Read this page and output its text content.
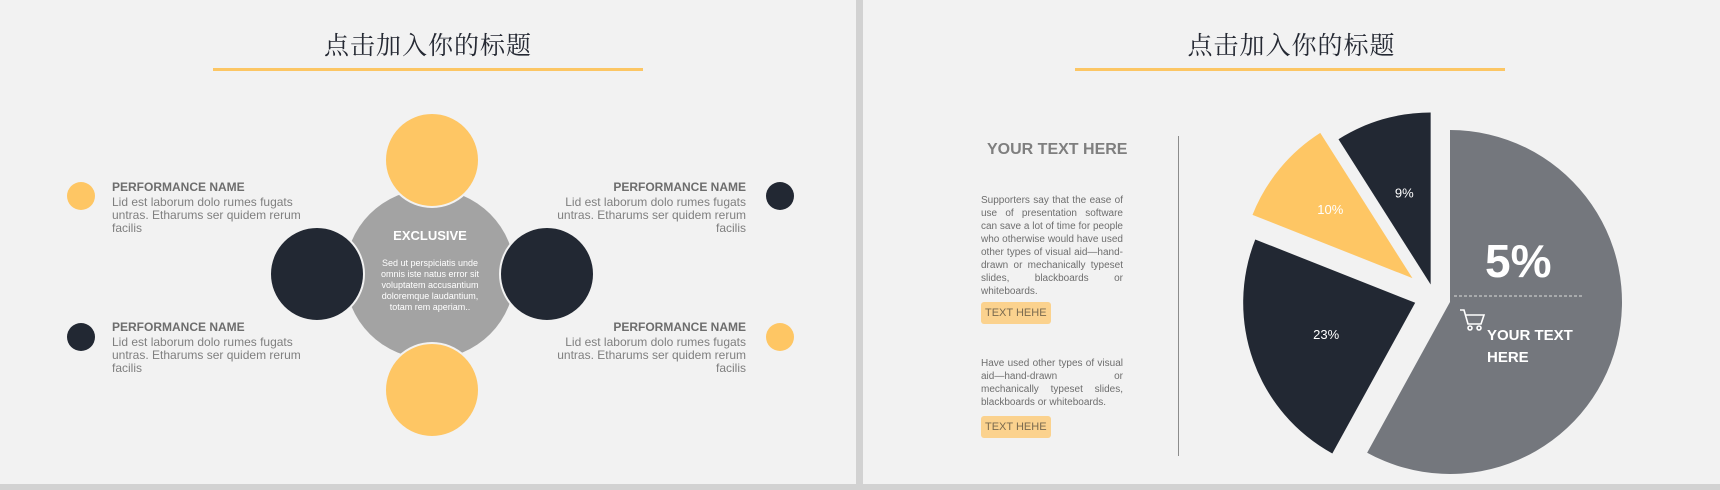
点击加入你的标题
EXCLUSIVE
Sed ut perspiciatis unde
omnis iste natus error sit
voluptatem accusantium
doloremque laudantium,
totam rem aperiam..
PERFORMANCE NAME
Lid est laborum dolo rumes fugats
untras. Etharums ser quidem rerum
facilis
PERFORMANCE NAME
Lid est laborum dolo rumes fugats
untras. Etharums ser quidem rerum
facilis
PERFORMANCE NAME
Lid est laborum dolo rumes fugats
untras. Etharums ser quidem rerum
facilis
PERFORMANCE NAME
Lid est laborum dolo rumes fugats
untras. Etharums ser quidem rerum
facilis
点击加入你的标题
YOUR TEXT HERE
Supporters say that the ease of use of presentation software can save a lot of time for people who otherwise would have used other types of visual aid—hand-drawn or mechanically typeset slides, blackboards or whiteboards.
TEXT HEHE
Have used other types of visual aid—hand-drawn or mechanically typeset slides, blackboards or whiteboards.
TEXT HEHE
23%
10%
9%
5%
YOUR TEXT
HERE
